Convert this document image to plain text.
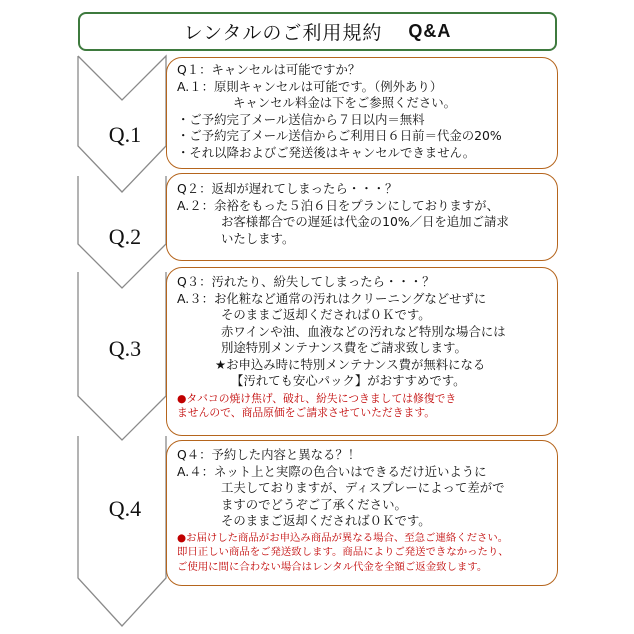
レンタルのご利用規約 Q&A
Q.1
Q.2
Q.3
Q.4
Q１：キャンセルは可能ですか？
A.１：原則キャンセルは可能です。（例外あり）
キャンセル料金は下をご参照ください。
・ご予約完了メール送信から７日以内＝無料
・ご予約完了メール送信からご利用日６日前＝代金の20%
・それ以降およびご発送後はキャンセルできません。
Q２：返却が遅れてしまったら・・・？
A.２：余裕をもった５泊６日をプランにしておりますが、
お客様都合での遅延は代金の10%／日を追加ご請求
いたします。
Q３：汚れたり、紛失してしまったら・・・？
A.３：お化粧など通常の汚れはクリーニングなどせずに
そのままご返却くだされば０Ｋです。
赤ワインや油、血液などの汚れなど特別な場合には
別途特別メンテナンス費をご請求致します。
★お申込み時に特別メンテナンス費が無料になる
【汚れても安心パック】がおすすめです。
●タバコの焼け焦げ、破れ、紛失につきましては修復でき
ませんので、商品原価をご請求させていただきます。
Q４：予約した内容と異なる？！
A.４：ネット上と実際の色合いはできるだけ近いように
工夫しておりますが、ディスプレーによって差がで
ますのでどうぞご了承ください。
そのままご返却くだされば０Ｋです。
●お届けした商品がお申込み商品が異なる場合、至急ご連絡ください。
即日正しい商品をご発送致します。商品によりご発送できなかったり、
ご使用に間に合わない場合はレンタル代金を全額ご返金致します。
